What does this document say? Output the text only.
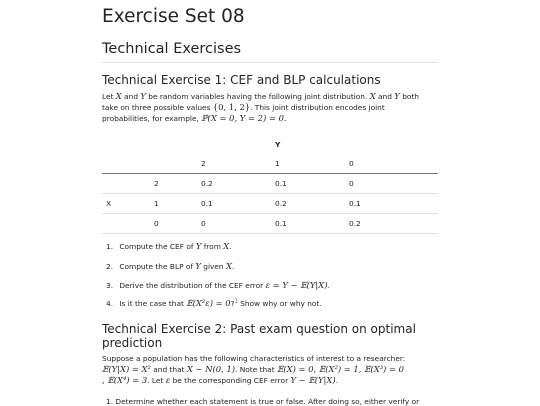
Exercise Set 08
Technical Exercises
Technical Exercise 1: CEF and BLP calculations
Let X and Y be random variables having the following joint distribution. X and Y both
take on three possible values {0, 1, 2}. This joint distribution encodes joint
probabilities, for example, ℙ(X = 0, Y = 2) = 0.
			Y	
		2	1	0
	2	0.2	0.1	0
X	1	0.1	0.2	0.1
	0	0	0.1	0.2
1. Compute the CEF of Y from X.
2. Compute the BLP of Y given X.
3. Derive the distribution of the CEF error ε = Y − 𝔼(Y|X).
4. Is it the case that 𝔼(X²ε) = 0?$^1$ Show why or why not.
Technical Exercise 2: Past exam question on optimal
prediction
Suppose a population has the following characteristics of interest to a researcher:
𝔼(Y|X) = X² and that X ∼ N(0, 1). Note that 𝔼(X) = 0, 𝔼(X²) = 1, 𝔼(X³) = 0
, 𝔼(X⁴) = 3. Let ε be the corresponding CEF error Y − 𝔼(Y|X).
1. Determine whether each statement is true or false. After doing so, either verify or
